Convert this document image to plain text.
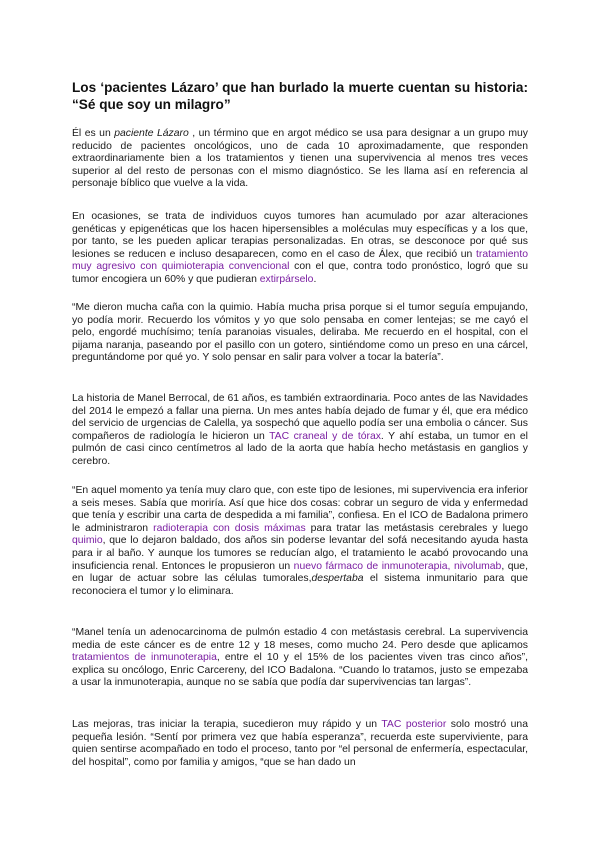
Los ‘pacientes Lázaro’ que han burlado la muerte cuentan su historia: “Sé que soy un milagro”

Él es un paciente Lázaro , un término que en argot médico se usa para designar a un grupo muy reducido de pacientes oncológicos, uno de cada 10 aproximadamente, que responden extraordinariamente bien a los tratamientos y tienen una supervivencia al menos tres veces superior al del resto de personas con el mismo diagnóstico. Se les llama así en referencia al personaje bíblico que vuelve a la vida.

En ocasiones, se trata de individuos cuyos tumores han acumulado por azar alteraciones genéticas y epigenéticas que los hacen hipersensibles a moléculas muy específicas y a los que, por tanto, se les pueden aplicar terapias personalizadas. En otras, se desconoce por qué sus lesiones se reducen e incluso desaparecen, como en el caso de Álex, que recibió un tratamiento muy agresivo con quimioterapia convencional con el que, contra todo pronóstico, logró que su tumor encogiera un 60% y que pudieran extirpárselo.

“Me dieron mucha caña con la quimio. Había mucha prisa porque si el tumor seguía empujando, yo podía morir. Recuerdo los vómitos y yo que solo pensaba en comer lentejas; se me cayó el pelo, engordé muchísimo; tenía paranoias visuales, deliraba. Me recuerdo en el hospital, con el pijama naranja, paseando por el pasillo con un gotero, sintiéndome como un preso en una cárcel, preguntándome por qué yo. Y solo pensar en salir para volver a tocar la batería”.

La historia de Manel Berrocal, de 61 años, es también extraordinaria. Poco antes de las Navidades del 2014 le empezó a fallar una pierna. Un mes antes había dejado de fumar y él, que era médico del servicio de urgencias de Calella, ya sospechó que aquello podía ser una embolia o cáncer. Sus compañeros de radiología le hicieron un TAC craneal y de tórax. Y ahí estaba, un tumor en el pulmón de casi cinco centímetros al lado de la aorta que había hecho metástasis en ganglios y cerebro.

“En aquel momento ya tenía muy claro que, con este tipo de lesiones, mi supervivencia era inferior a seis meses. Sabía que moriría. Así que hice dos cosas: cobrar un seguro de vida y enfermedad que tenía y escribir una carta de despedida a mi familia”, confiesa. En el ICO de Badalona primero le administraron radioterapia con dosis máximas para tratar las metástasis cerebrales y luego quimio, que lo dejaron baldado, dos años sin poderse levantar del sofá necesitando ayuda hasta para ir al baño. Y aunque los tumores se reducían algo, el tratamiento le acabó provocando una insuficiencia renal. Entonces le propusieron un nuevo fármaco de inmunoterapia, nivolumab, que, en lugar de actuar sobre las células tumorales,despertaba el sistema inmunitario para que reconociera el tumor y lo eliminara.

“Manel tenía un adenocarcinoma de pulmón estadio 4 con metástasis cerebral. La supervivencia media de este cáncer es de entre 12 y 18 meses, como mucho 24. Pero desde que aplicamos tratamientos de inmunoterapia, entre el 10 y el 15% de los pacientes viven tras cinco años”, explica su oncólogo, Enric Carcereny, del ICO Badalona. “Cuando lo tratamos, justo se empezaba a usar la inmunoterapia, aunque no se sabía que podía dar supervivencias tan largas”.

Las mejoras, tras iniciar la terapia, sucedieron muy rápido y un TAC posterior solo mostró una pequeña lesión. “Sentí por primera vez que había esperanza”, recuerda este superviviente, para quien sentirse acompañado en todo el proceso, tanto por “el personal de enfermería, espectacular, del hospital”, como por familia y amigos, “que se han dado un
